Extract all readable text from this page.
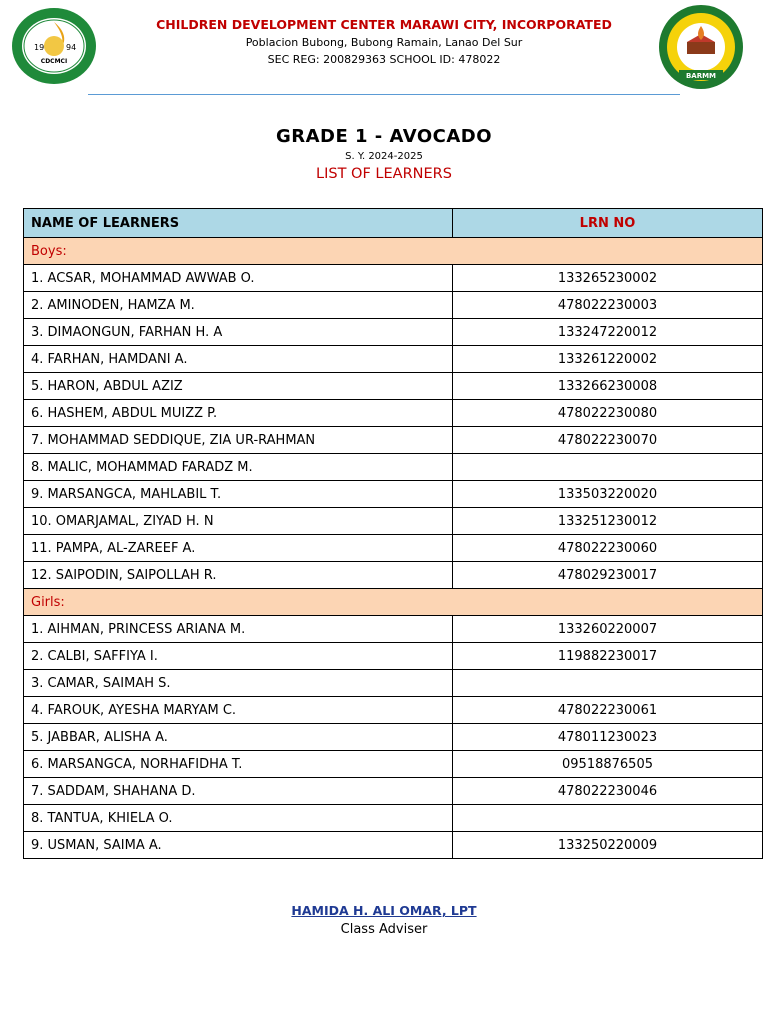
19	94
CDCMCI
CHILDREN DEVELOPMENT CENTER MARAWI CITY, INCORPORATED
Poblacion Bubong, Bubong Ramain, Lanao Del Sur
SEC REG: 200829363 SCHOOL ID: 478022
BARMM
GRADE 1 - AVOCADO
S. Y. 2024-2025
LIST OF LEARNERS
NAME OF LEARNERS	LRN NO
Boys:	
1. ACSAR, MOHAMMAD AWWAB O.	133265230002
2. AMINODEN, HAMZA M.	478022230003
3. DIMAONGUN, FARHAN H. A	133247220012
4. FARHAN, HAMDANI A.	133261220002
5. HARON, ABDUL AZIZ	133266230008
6. HASHEM, ABDUL MUIZZ P.	478022230080
7. MOHAMMAD SEDDIQUE, ZIA UR-RAHMAN	478022230070
8. MALIC, MOHAMMAD FARADZ M.	
9. MARSANGCA, MAHLABIL T.	133503220020
10. OMARJAMAL, ZIYAD H. N	133251230012
11. PAMPA, AL-ZAREEF A.	478022230060
12. SAIPODIN, SAIPOLLAH R.	478029230017
Girls:	
1. AIHMAN, PRINCESS ARIANA M.	133260220007
2. CALBI, SAFFIYA I.	119882230017
3. CAMAR, SAIMAH S.	
4. FAROUK, AYESHA MARYAM C.	478022230061
5. JABBAR, ALISHA A.	478011230023
6. MARSANGCA, NORHAFIDHA T.	09518876505
7. SADDAM, SHAHANA D.	478022230046
8. TANTUA, KHIELA O.	
9. USMAN, SAIMA A.	133250220009
HAMIDA H. ALI OMAR, LPT
Class Adviser
